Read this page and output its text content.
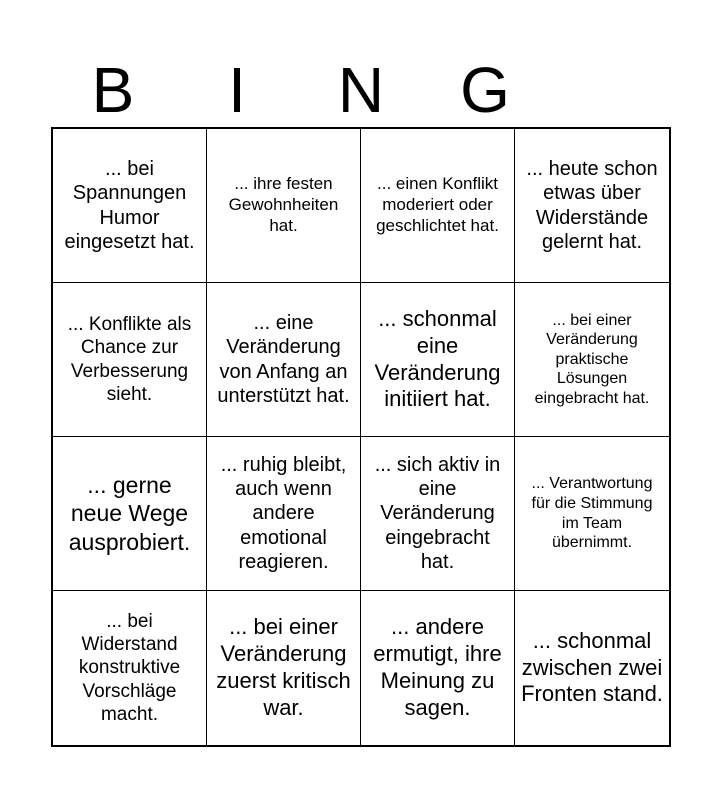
B	I	N	G
... bei Spannungen Humor eingesetzt hat.
... ihre festen Gewohnheiten hat.
... einen Konflikt moderiert oder geschlichtet hat.
... heute schon etwas über Widerstände gelernt hat.
... Konflikte als Chance zur Verbesserung sieht.
... eine Veränderung von Anfang an unterstützt hat.
... schonmal eine Veränderung initiiert hat.
... bei einer Veränderung praktische Lösungen eingebracht hat.
... gerne neue Wege ausprobiert.
... ruhig bleibt, auch wenn andere emotional reagieren.
... sich aktiv in eine Veränderung eingebracht hat.
... Verantwortung für die Stimmung im Team übernimmt.
... bei Widerstand konstruktive Vorschläge macht.
... bei einer Veränderung zuerst kritisch war.
... andere ermutigt, ihre Meinung zu sagen.
... schonmal zwischen zwei Fronten stand.
